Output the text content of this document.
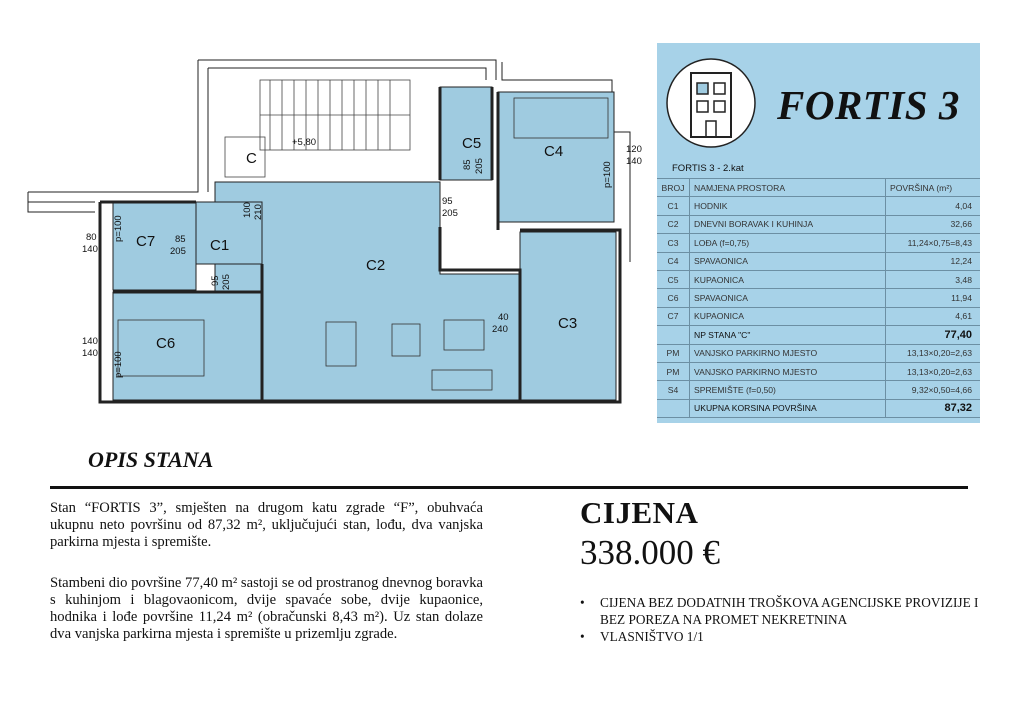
C
C5	C4
C7	C1
C2
C3
C6
+5,80
100 210
95
205
85
205
85 205
95 205
40
240
120
140
80
140
140
140
p=100
p=100
p=100
FORTIS 3
FORTIS 3 - 2.kat
BROJ	NAMJENA PROSTORA	POVRŠINA (m²)
C1	HODNIK	4,04
C2	DNEVNI BORAVAK I KUHINJA	32,66
C3	LOĐA (f=0,75)	11,24×0,75=8,43
C4	SPAVAONICA	12,24
C5	KUPAONICA	3,48
C6	SPAVAONICA	11,94
C7	KUPAONICA	4,61
	NP STANA "C"	77,40
PM	VANJSKO PARKIRNO MJESTO	13,13×0,20=2,63
PM	VANJSKO PARKIRNO MJESTO	13,13×0,20=2,63
S4	SPREMIŠTE (f=0,50)	9,32×0,50=4,66
	UKUPNA KORSINA POVRŠINA	87,32
OPIS STANA
Stan “FORTIS 3”, smješten na drugom katu zgrade “F”, obuhvaća ukupnu neto površinu od 87,32 m², uključujući stan, lođu, dva vanjska parkirna mjesta i spremište.
Stambeni dio površine 77,40 m² sastoji se od prostranog dnevnog boravka s kuhinjom i blagovaonicom, dvije spavaće sobe, dvije kupaonice, hodnika i lođe površine 11,24 m² (obračunski 8,43 m²). Uz stan dolaze dva vanjska parkirna mjesta i spremište u prizemlju zgrade.
CIJENA
338.000 €
• CIJENA BEZ DODATNIH TROŠKOVA AGENCIJSKE PROVIZIJE I BEZ POREZA NA PROMET NEKRETNINA
• VLASNIŠTVO 1/1
